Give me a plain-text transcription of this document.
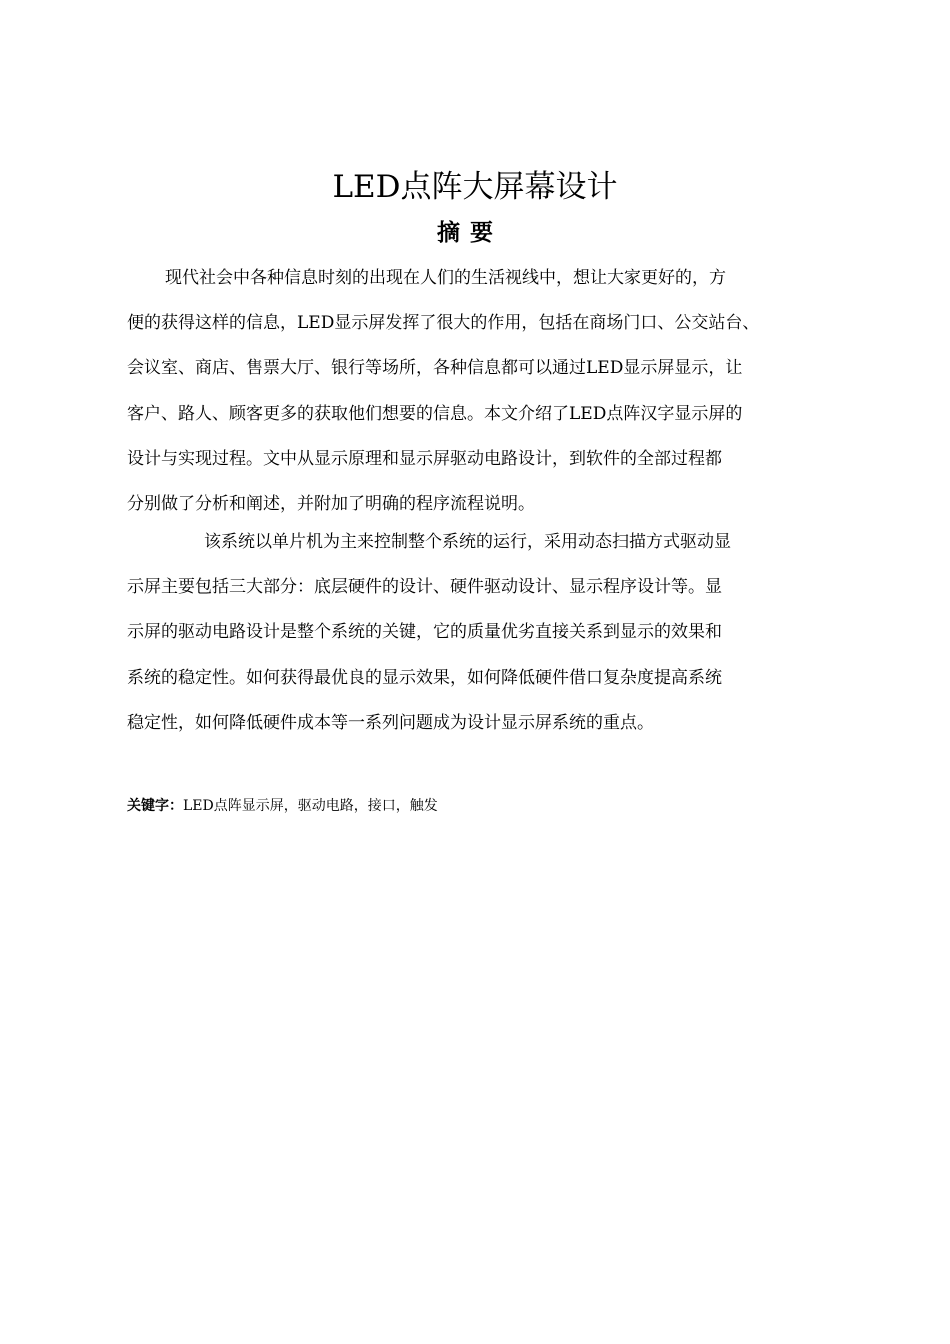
LED点阵大屏幕设计
摘要

现代社会中各种信息时刻的出现在人们的生活视线中，想让大家更好的，方
便的获得这样的信息，LED显示屏发挥了很大的作用，包括在商场门口、公交站台、
会议室、商店、售票大厅、银行等场所，各种信息都可以通过LED显示屏显示，让
客户、路人、顾客更多的获取他们想要的信息。本文介绍了LED点阵汉字显示屏的
设计与实现过程。文中从显示原理和显示屏驱动电路设计，到软件的全部过程都
分别做了分析和阐述，并附加了明确的程序流程说明。

该系统以单片机为主来控制整个系统的运行，采用动态扫描方式驱动显
示屏主要包括三大部分：底层硬件的设计、硬件驱动设计、显示程序设计等。显
示屏的驱动电路设计是整个系统的关键，它的质量优劣直接关系到显示的效果和
系统的稳定性。如何获得最优良的显示效果，如何降低硬件借口复杂度提高系统
稳定性，如何降低硬件成本等一系列问题成为设计显示屏系统的重点。

关键字：LED点阵显示屏，驱动电路，接口，触发
